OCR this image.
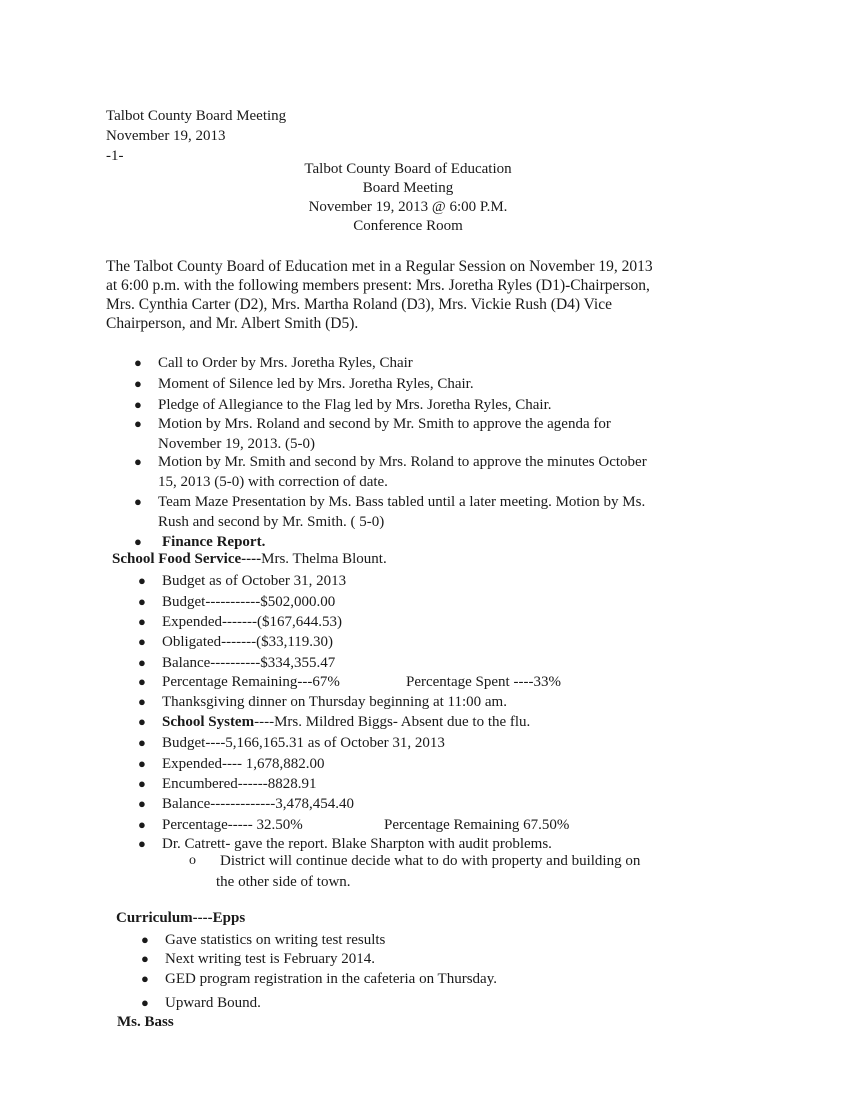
Talbot County Board Meeting
November 19, 2013
-1-
Talbot County Board of Education
Board Meeting
November 19, 2013 @ 6:00 P.M.
Conference Room
The Talbot County Board of Education met in a Regular Session on November 19, 2013
at 6:00 p.m. with the following members present: Mrs. Joretha Ryles (D1)-Chairperson,
Mrs. Cynthia Carter (D2), Mrs. Martha Roland (D3), Mrs. Vickie Rush (D4) Vice
Chairperson, and Mr. Albert Smith (D5).
● Call to Order by Mrs. Joretha Ryles, Chair
● Moment of Silence led by Mrs. Joretha Ryles, Chair.
● Pledge of Allegiance to the Flag led by Mrs. Joretha Ryles, Chair.
● Motion by Mrs. Roland and second by Mr. Smith to approve the agenda for
November 19, 2013. (5-0)
● Motion by Mr. Smith and second by Mrs. Roland to approve the minutes October
15, 2013 (5-0) with correction of date.
● Team Maze Presentation by Ms. Bass tabled until a later meeting. Motion by Ms.
Rush and second by Mr. Smith. ( 5-0)
● Finance Report.
School Food Service----Mrs. Thelma Blount.
● Budget as of October 31, 2013
● Budget-----------$502,000.00
● Expended-------($167,644.53)
● Obligated-------($33,119.30)
● Balance----------$334,355.47
● Percentage Remaining---67%	Percentage Spent ----33%
● Thanksgiving dinner on Thursday beginning at 11:00 am.
● School System----Mrs. Mildred Biggs- Absent due to the flu.
● Budget----5,166,165.31 as of October 31, 2013
● Expended---- 1,678,882.00
● Encumbered------8828.91
● Balance-------------3,478,454.40
● Percentage----- 32.50%	Percentage Remaining 67.50%
● Dr. Catrett- gave the report. Blake Sharpton with audit problems.
o District will continue decide what to do with property and building on
the other side of town.
Curriculum----Epps
● Gave statistics on writing test results
● Next writing test is February 2014.
● GED program registration in the cafeteria on Thursday.
● Upward Bound.
Ms. Bass
